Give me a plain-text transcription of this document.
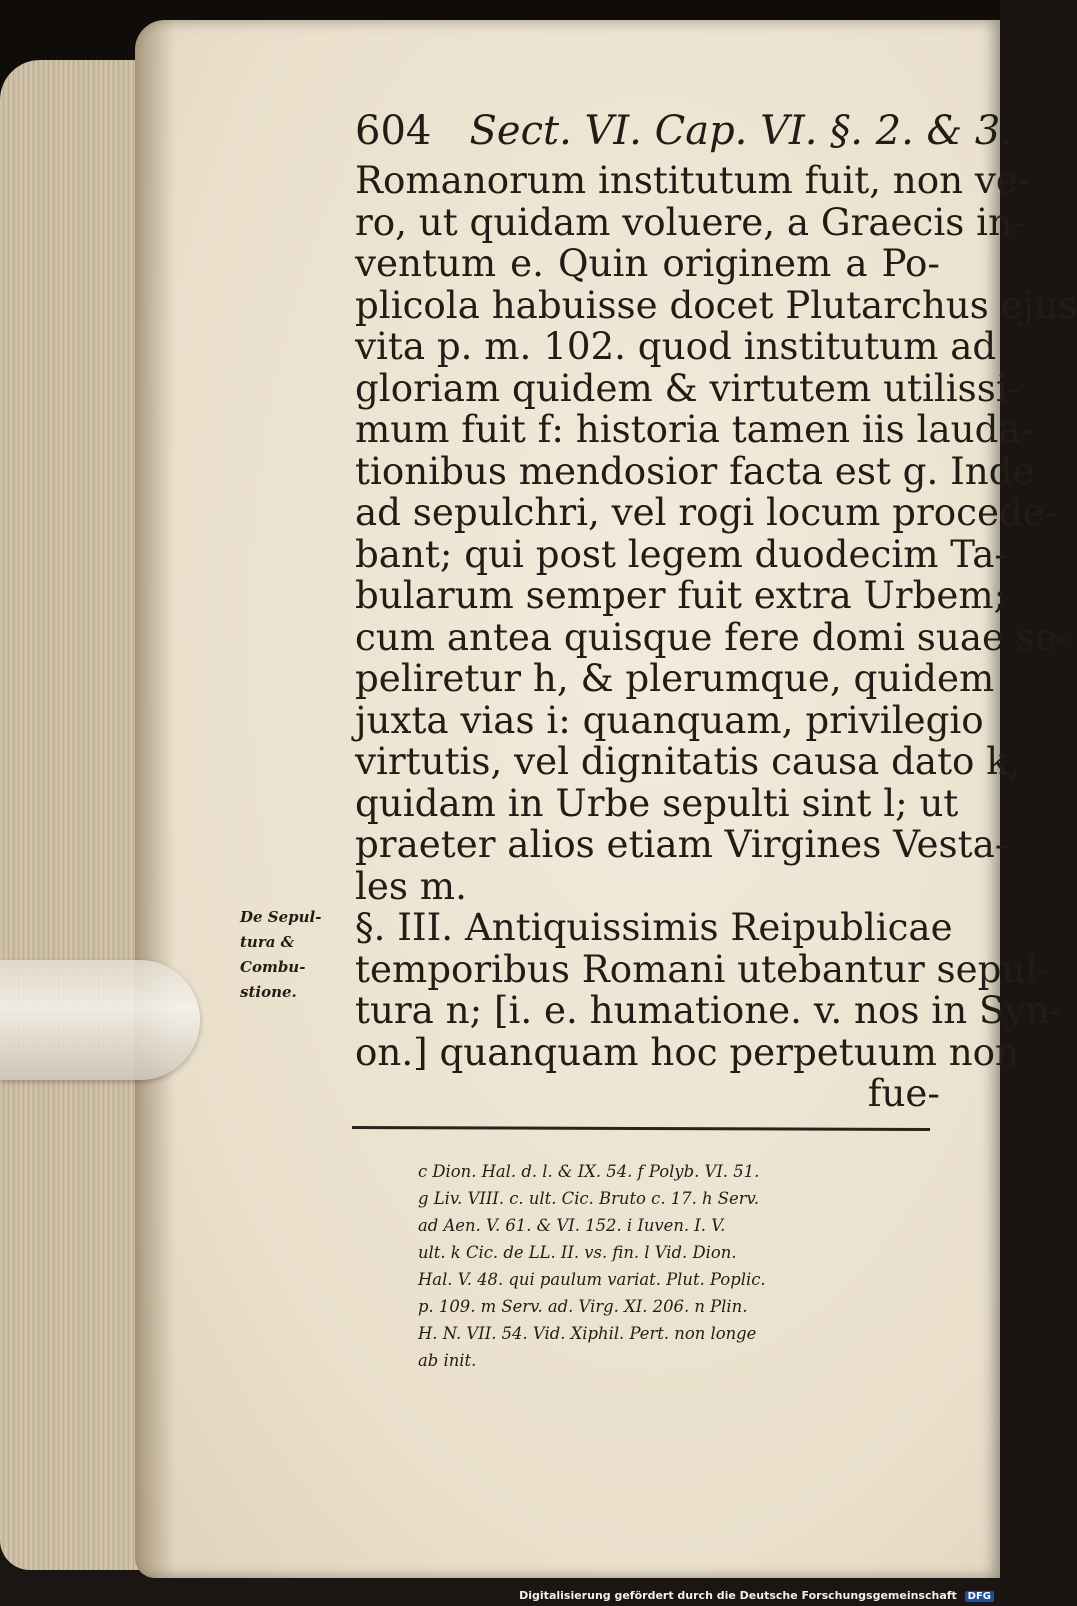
604 Sect. VI. Cap. VI. §. 2. & 3.
Romanorum institutum fuit, non ve-
ro, ut quidam voluere, a Graecis in-
ventum e. Quin originem a Po-
plicola habuisse docet Plutarchus ejus
vita p. m. 102. quod institutum ad
gloriam quidem & virtutem utilissi-
mum fuit f: historia tamen iis lauda-
tionibus mendosior facta est g. Inde
ad sepulchri, vel rogi locum procede-
bant; qui post legem duodecim Ta-
bularum semper fuit extra Urbem;
cum antea quisque fere domi suae se-
peliretur h, & plerumque, quidem
juxta vias i: quanquam, privilegio
virtutis, vel dignitatis causa dato k,
quidam in Urbe sepulti sint l; ut
praeter alios etiam Virgines Vesta-
les m.
§. III. Antiquissimis Reipublicae
temporibus Romani utebantur sepul-
tura n; [i. e. humatione. v. nos in Syn-
on.] quanquam hoc perpetuum non
fue-
De Sepul-
tura &
Combu-
stione.
c Dion. Hal. d. l. & IX. 54. f Polyb. VI. 51.
g Liv. VIII. c. ult. Cic. Bruto c. 17. h Serv.
ad Aen. V. 61. & VI. 152. i Iuven. I. V.
ult. k Cic. de LL. II. vs. fin. l Vid. Dion.
Hal. V. 48. qui paulum variat. Plut. Poplic.
p. 109. m Serv. ad. Virg. XI. 206. n Plin.
H. N. VII. 54. Vid. Xiphil. Pert. non longe
ab init.
Digitalisierung gefördert durch die Deutsche Forschungsgemeinschaft DFG
